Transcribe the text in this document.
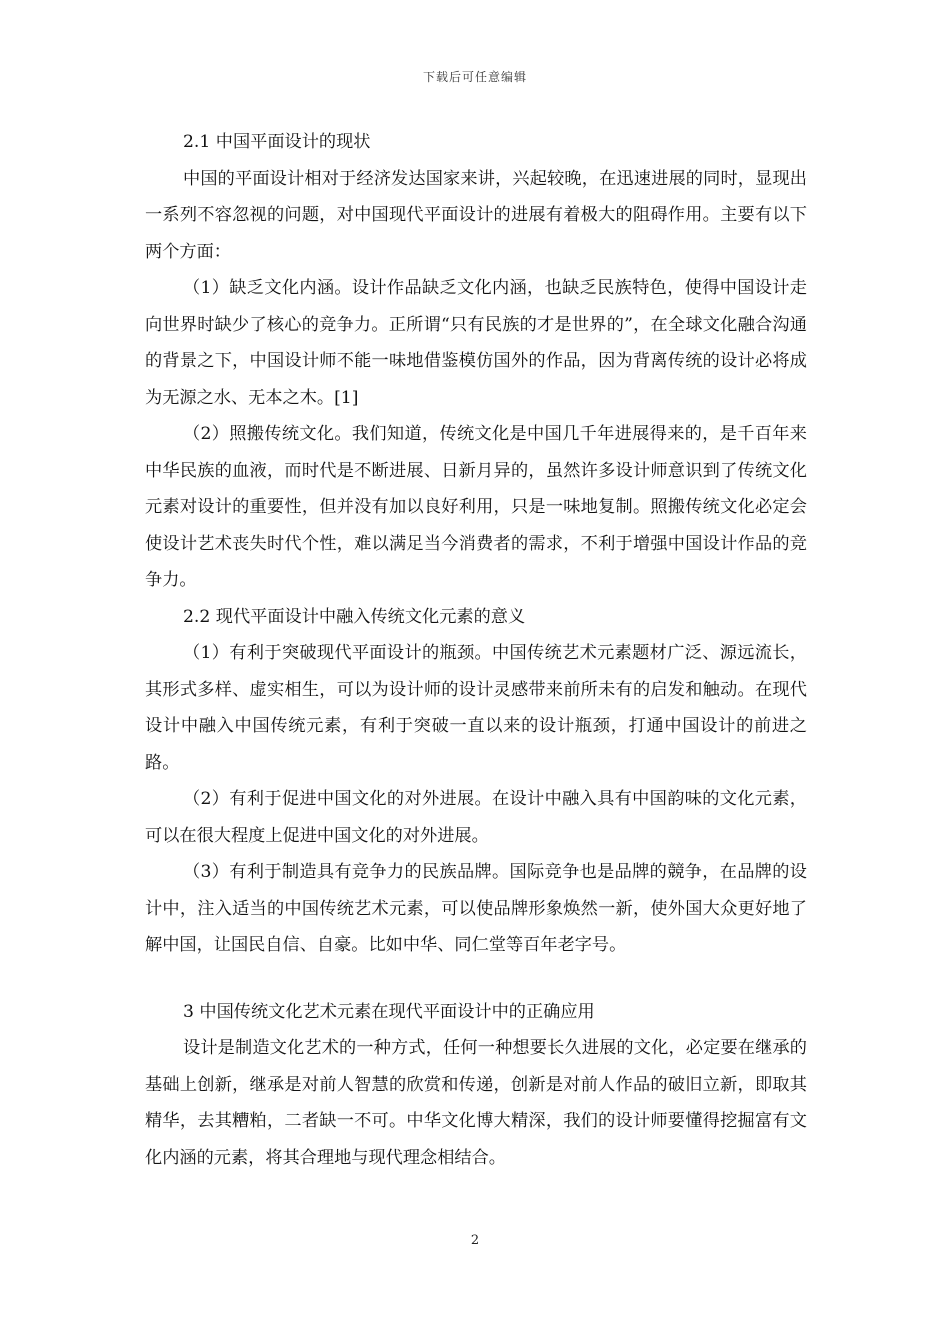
下载后可任意编辑

2.1 中国平面设计的现状

中国的平面设计相对于经济发达国家来讲，兴起较晚，在迅速进展的同时，显现出一系列不容忽视的问题，对中国现代平面设计的进展有着极大的阻碍作用。主要有以下两个方面：

（1）缺乏文化内涵。设计作品缺乏文化内涵，也缺乏民族特色，使得中国设计走向世界时缺少了核心的竞争力。正所谓“只有民族的才是世界的”，在全球文化融合沟通的背景之下，中国设计师不能一味地借鉴模仿国外的作品，因为背离传统的设计必将成为无源之水、无本之木。[1]

（2）照搬传统文化。我们知道，传统文化是中国几千年进展得来的，是千百年来中华民族的血液，而时代是不断进展、日新月异的，虽然许多设计师意识到了传统文化元素对设计的重要性，但并没有加以良好利用，只是一味地复制。照搬传统文化必定会使设计艺术丧失时代个性，难以满足当今消费者的需求，不利于增强中国设计作品的竞争力。

2.2 现代平面设计中融入传统文化元素的意义

（1）有利于突破现代平面设计的瓶颈。中国传统艺术元素题材广泛、源远流长，其形式多样、虚实相生，可以为设计师的设计灵感带来前所未有的启发和触动。在现代设计中融入中国传统元素，有利于突破一直以来的设计瓶颈，打通中国设计的前进之路。

（2）有利于促进中国文化的对外进展。在设计中融入具有中国韵味的文化元素，可以在很大程度上促进中国文化的对外进展。

（3）有利于制造具有竞争力的民族品牌。国际竞争也是品牌的競争，在品牌的设计中，注入适当的中国传统艺术元素，可以使品牌形象焕然一新，使外国大众更好地了解中国，让国民自信、自豪。比如中华、同仁堂等百年老字号。

3 中国传统文化艺术元素在现代平面设计中的正确应用

设计是制造文化艺术的一种方式，任何一种想要长久进展的文化，必定要在继承的基础上创新，继承是对前人智慧的欣赏和传递，创新是对前人作品的破旧立新，即取其精华，去其糟粕，二者缺一不可。中华文化博大精深，我们的设计师要懂得挖掘富有文化内涵的元素，将其合理地与现代理念相结合。

2
